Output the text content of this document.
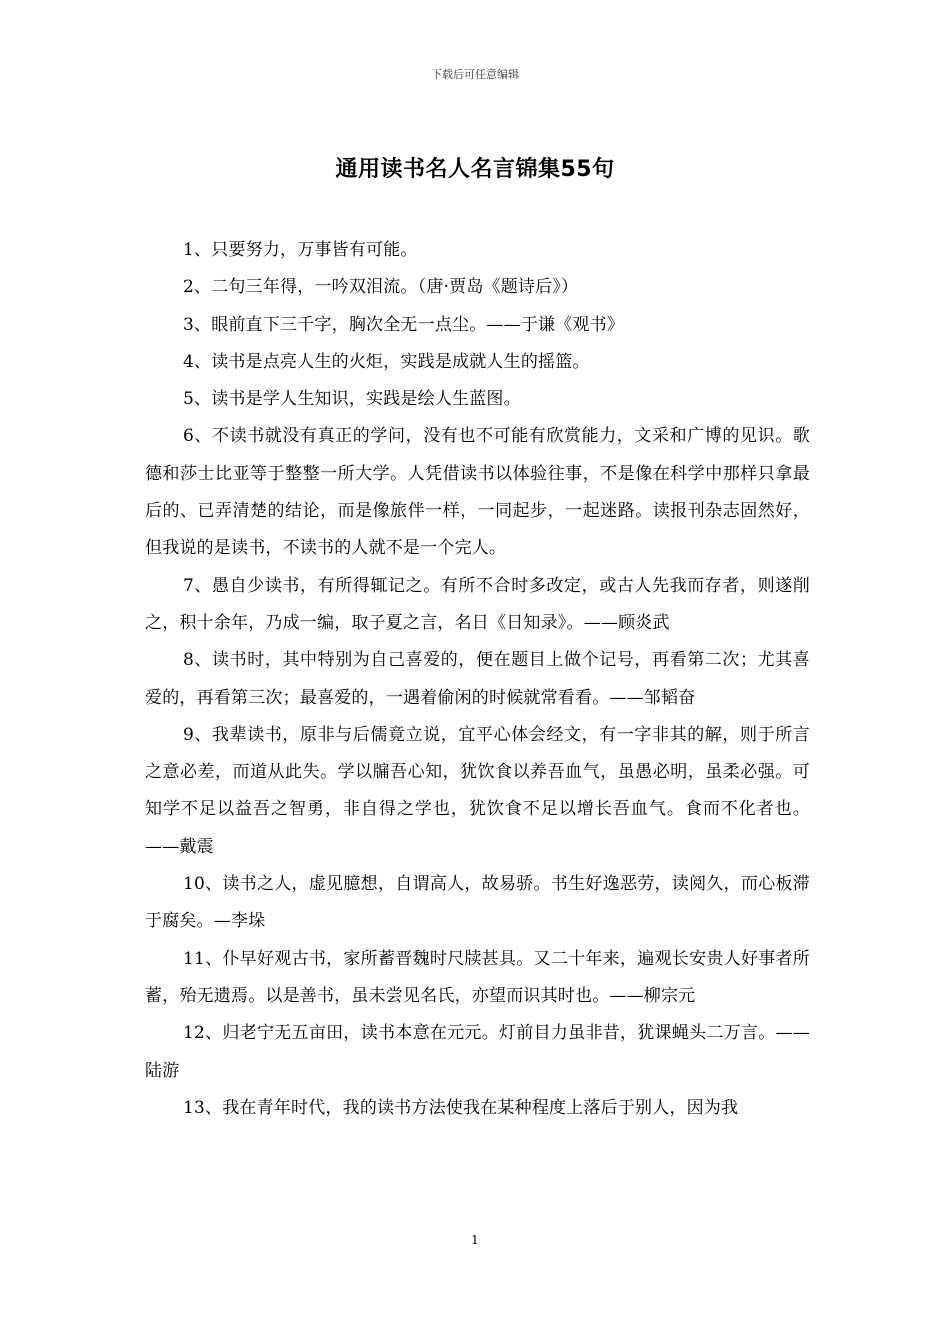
下载后可任意编辑
通用读书名人名言锦集55句

1、只要努力，万事皆有可能。

2、二句三年得，一吟双泪流。（唐·贾岛《题诗后》）

3、眼前直下三千字，胸次全无一点尘。——于谦《观书》

4、读书是点亮人生的火炬，实践是成就人生的摇篮。

5、读书是学人生知识，实践是绘人生蓝图。

6、不读书就没有真正的学问，没有也不可能有欣赏能力，文采和广博的见识。歌德和莎士比亚等于整整一所大学。人凭借读书以体验往事，不是像在科学中那样只拿最后的、已弄清楚的结论，而是像旅伴一样，一同起步，一起迷路。读报刊杂志固然好，但我说的是读书，不读书的人就不是一个完人。

7、愚自少读书，有所得辄记之。有所不合时多改定，或古人先我而存者，则遂削之，积十余年，乃成一编，取子夏之言，名日《日知录》。——顾炎武

8、读书时，其中特别为自己喜爱的，便在题目上做个记号，再看第二次；尤其喜爱的，再看第三次；最喜爱的，一遇着偷闲的时候就常看看。——邹韬奋

9、我辈读书，原非与后儒竟立说，宜平心体会经文，有一字非其的解，则于所言之意必差，而道从此失。学以牖吾心知，犹饮食以养吾血气，虽愚必明，虽柔必强。可知学不足以益吾之智勇，非自得之学也，犹饮食不足以增长吾血气。食而不化者也。——戴震

10、读书之人，虚见臆想，自谓高人，故易骄。书生好逸恶劳，读阅久，而心板滞于腐矣。—李垛

11、仆早好观古书，家所蓄晋魏时尺牍甚具。又二十年来，遍观长安贵人好事者所蓄，殆无遗焉。以是善书，虽未尝见名氏，亦望而识其时也。——柳宗元

12、归老宁无五亩田，读书本意在元元。灯前目力虽非昔，犹课蝇头二万言。——陆游

13、我在青年时代，我的读书方法使我在某种程度上落后于别人，因为我

1
